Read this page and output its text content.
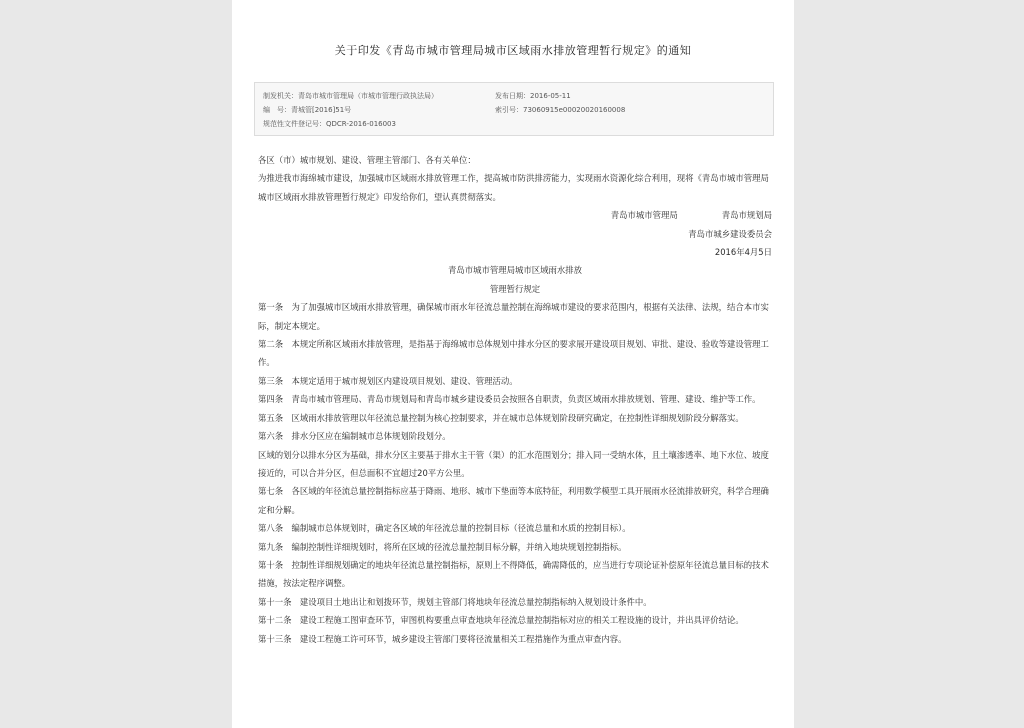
关于印发《青岛市城市管理局城市区域雨水排放管理暂行规定》的通知
制发机关：青岛市城市管理局（市城市管理行政执法局）	发布日期：2016-05-11
编　号：青城管[2016]51号	索引号：73060915e00020020160008
规范性文件登记号：QDCR-2016-016003

各区（市）城市规划、建设、管理主管部门、各有关单位：

为推进我市海绵城市建设，加强城市区域雨水排放管理工作，提高城市防洪排涝能力，实现雨水资源化综合利用，现将《青岛市城市管理局城市区域雨水排放管理暂行规定》印发给你们，望认真贯彻落实。

青岛市城市管理局	青岛市规划局

青岛市城乡建设委员会

2016年4月5日

青岛市城市管理局城市区域雨水排放

管理暂行规定

第一条　为了加强城市区域雨水排放管理，确保城市雨水年径流总量控制在海绵城市建设的要求范围内，根据有关法律、法规，结合本市实际，制定本规定。

第二条　本规定所称区域雨水排放管理，是指基于海绵城市总体规划中排水分区的要求展开建设项目规划、审批、建设、验收等建设管理工作。

第三条　本规定适用于城市规划区内建设项目规划、建设、管理活动。

第四条　青岛市城市管理局、青岛市规划局和青岛市城乡建设委员会按照各自职责，负责区域雨水排放规划、管理、建设、维护等工作。

第五条　区域雨水排放管理以年径流总量控制为核心控制要求，并在城市总体规划阶段研究确定，在控制性详细规划阶段分解落实。

第六条　排水分区应在编制城市总体规划阶段划分。

区域的划分以排水分区为基础，排水分区主要基于排水主干管（渠）的汇水范围划分；排入同一受纳水体，且土壤渗透率、地下水位、坡度接近的，可以合并分区，但总面积不宜超过20平方公里。

第七条　各区域的年径流总量控制指标应基于降雨、地形、城市下垫面等本底特征，利用数学模型工具开展雨水径流排放研究，科学合理确定和分解。

第八条　编制城市总体规划时，确定各区域的年径流总量的控制目标（径流总量和水质的控制目标）。

第九条　编制控制性详细规划时，将所在区域的径流总量控制目标分解，并纳入地块规划控制指标。

第十条　控制性详细规划确定的地块年径流总量控制指标，原则上不得降低，确需降低的，应当进行专项论证补偿原年径流总量目标的技术措施，按法定程序调整。

第十一条　建设项目土地出让和划拨环节，规划主管部门将地块年径流总量控制指标纳入规划设计条件中。

第十二条　建设工程施工图审查环节，审图机构要重点审查地块年径流总量控制指标对应的相关工程设施的设计，并出具评价结论。

第十三条　建设工程施工许可环节，城乡建设主管部门要将径流量相关工程措施作为重点审查内容。
